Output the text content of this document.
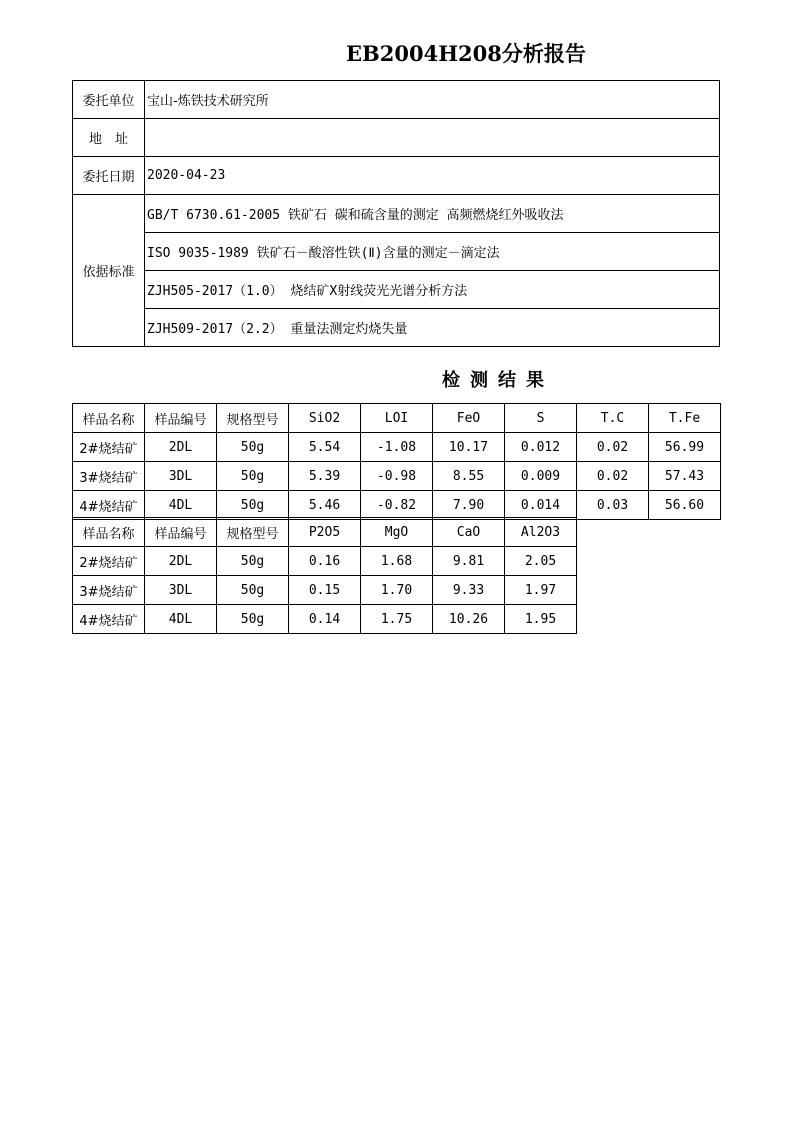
EB2004H208分析报告
委托单位	宝山-炼铁技术研究所
地　址	
委托日期	2020-04-23
依据标准	GB/T 6730.61-2005 铁矿石 碳和硫含量的测定 高频燃烧红外吸收法
	ISO 9035-1989 铁矿石－酸溶性铁(Ⅱ)含量的测定－滴定法
	ZJH505-2017（1.0） 烧结矿X射线荧光光谱分析方法
	ZJH509-2017（2.2） 重量法测定灼烧失量
检测结果
样品名称	样品编号	规格型号	SiO2	LOI	FeO	S	T.C	T.Fe
2#烧结矿	2DL	50g	5.54	-1.08	10.17	0.012	0.02	56.99
3#烧结矿	3DL	50g	5.39	-0.98	8.55	0.009	0.02	57.43
4#烧结矿	4DL	50g	5.46	-0.82	7.90	0.014	0.03	56.60
样品名称	样品编号	规格型号	P2O5	MgO	CaO	Al2O3
2#烧结矿	2DL	50g	0.16	1.68	9.81	2.05
3#烧结矿	3DL	50g	0.15	1.70	9.33	1.97
4#烧结矿	4DL	50g	0.14	1.75	10.26	1.95
